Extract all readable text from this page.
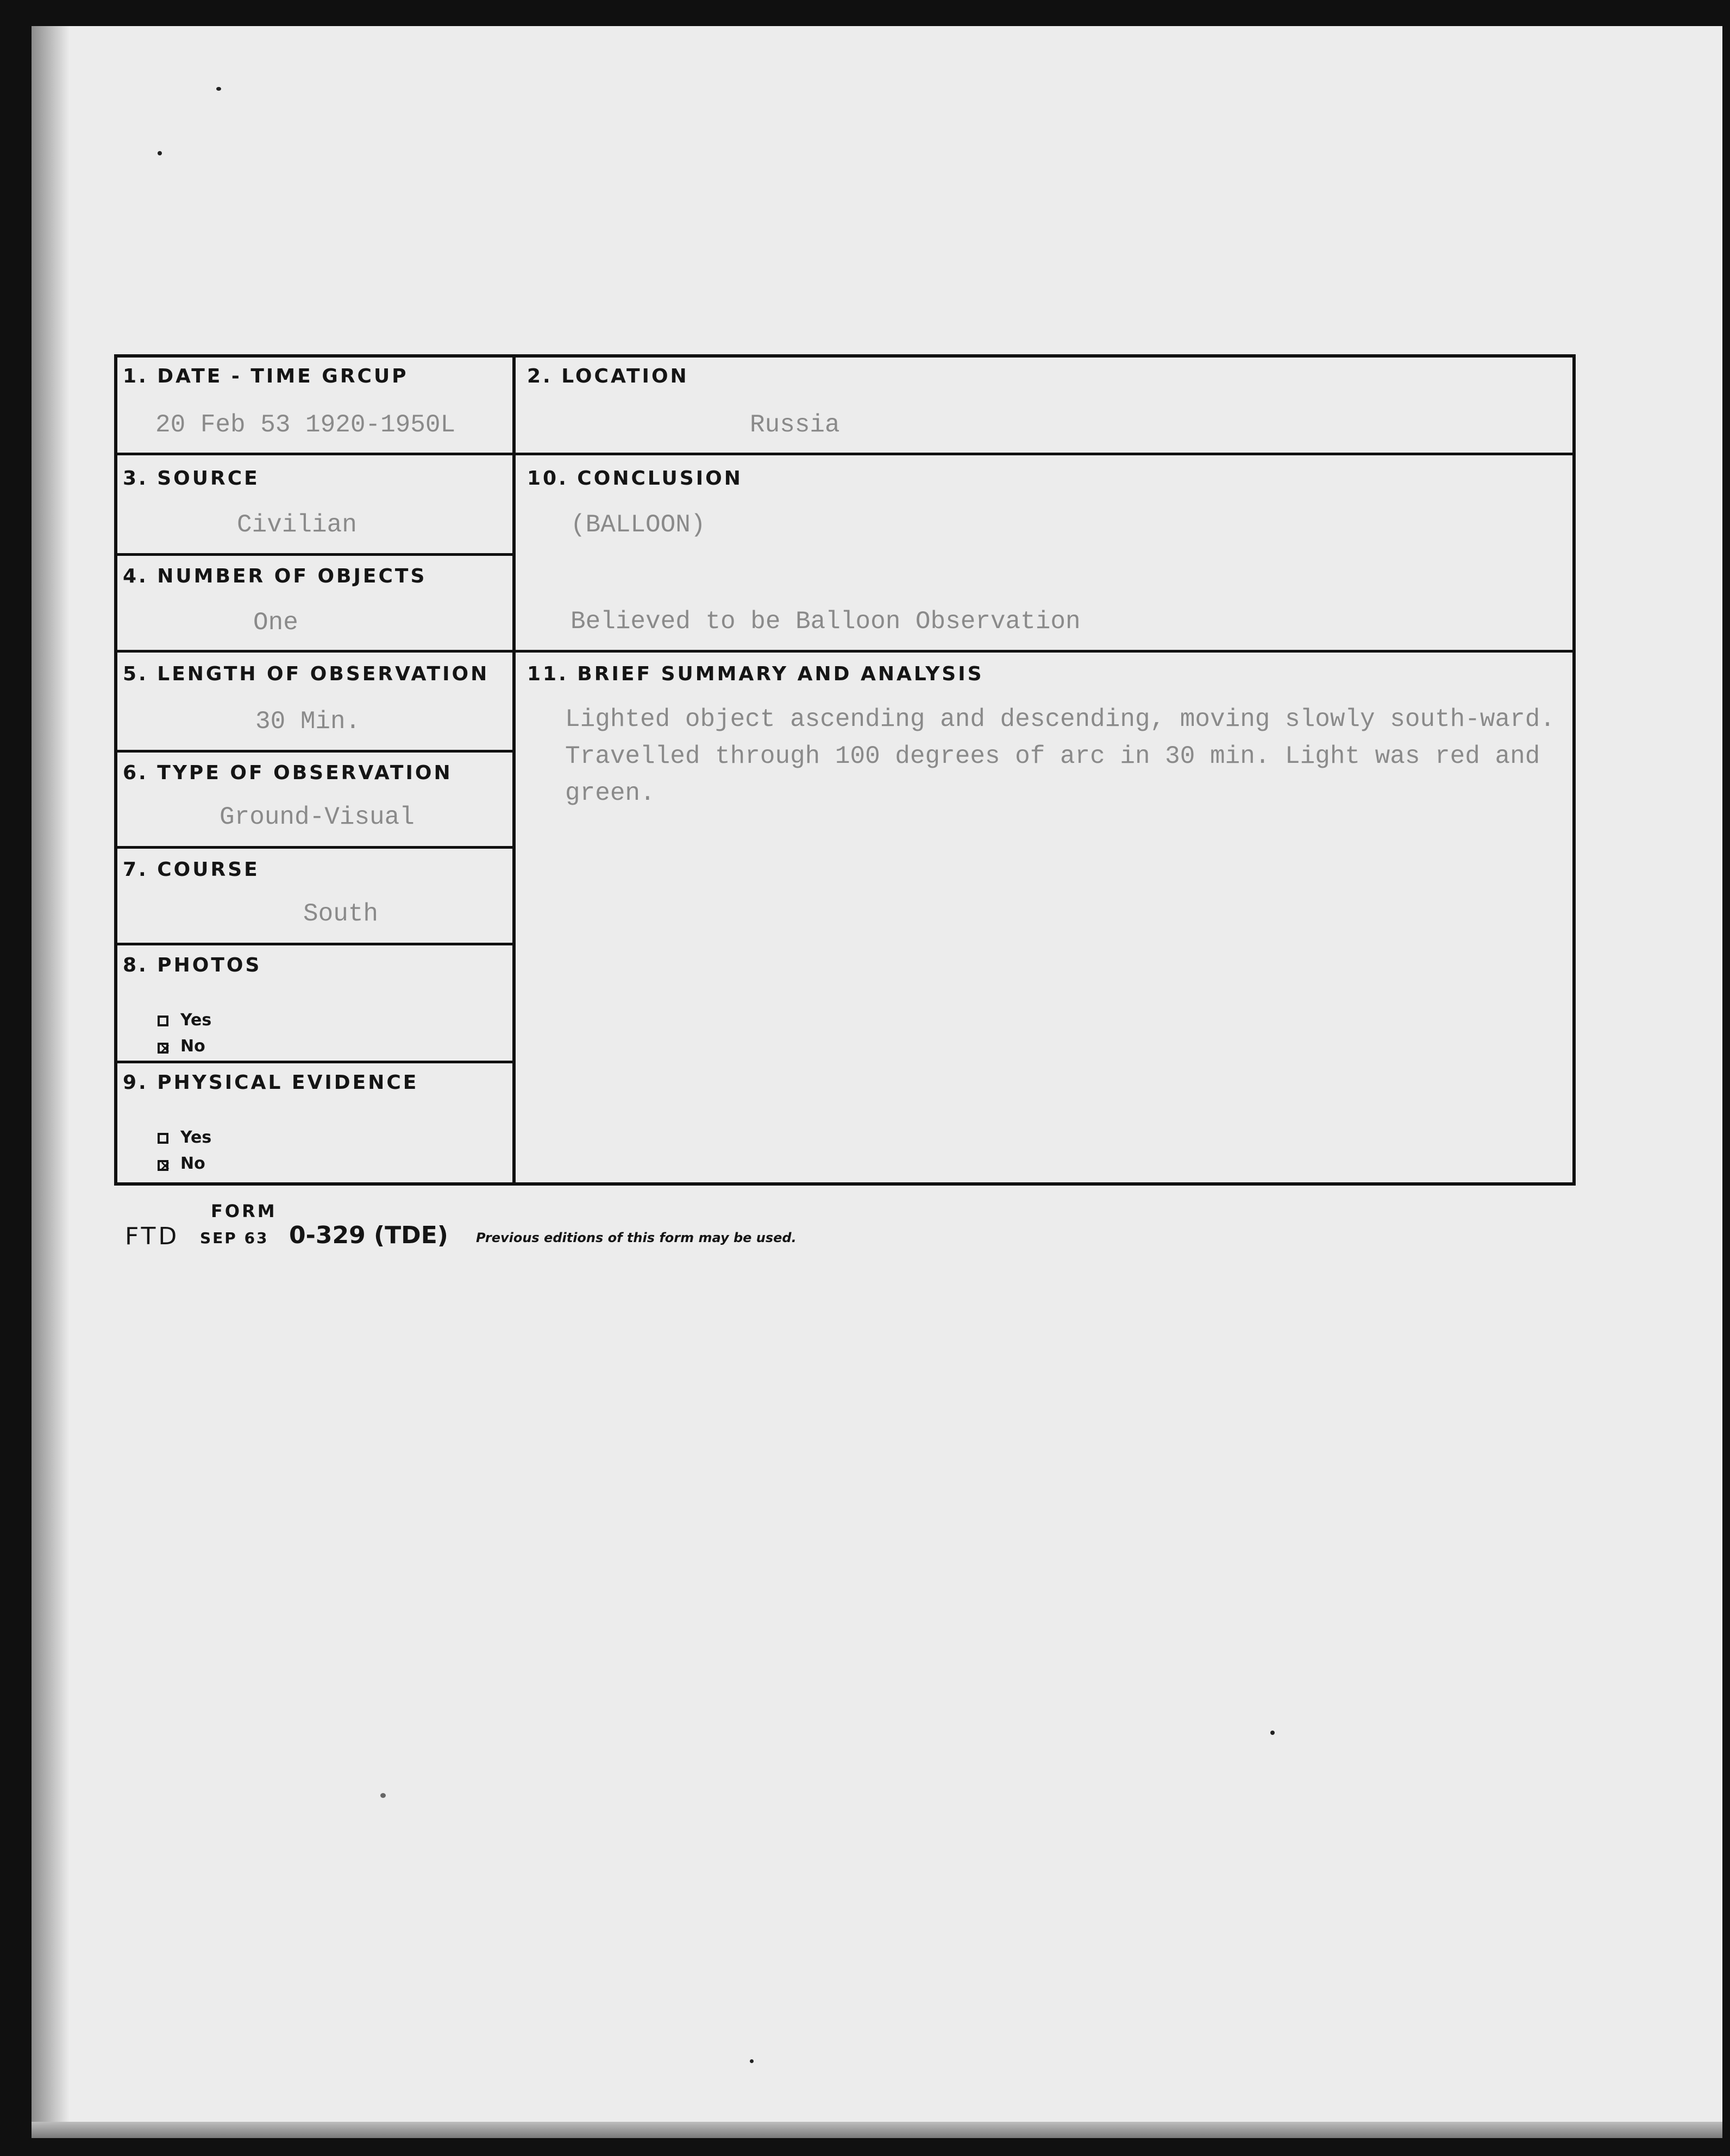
1. DATE - TIME GRCUP
20 Feb 53 1920-1950L
2. LOCATION
Russia
3. SOURCE
Civilian
4. NUMBER OF OBJECTS
One
5. LENGTH OF OBSERVATION
30 Min.
6. TYPE OF OBSERVATION
Ground-Visual
7. COURSE
South
8. PHOTOS
Yes
× No
9. PHYSICAL EVIDENCE
Yes
× No
10. CONCLUSION
(BALLOON)
Believed to be Balloon Observation
11. BRIEF SUMMARY AND ANALYSIS
Lighted object ascending and descending, moving slowly south-ward. Travelled through 100 degrees of arc in 30 min. Light was red and green.
FORM
FTD SEP 63 0-329 (TDE) Previous editions of this form may be used.
